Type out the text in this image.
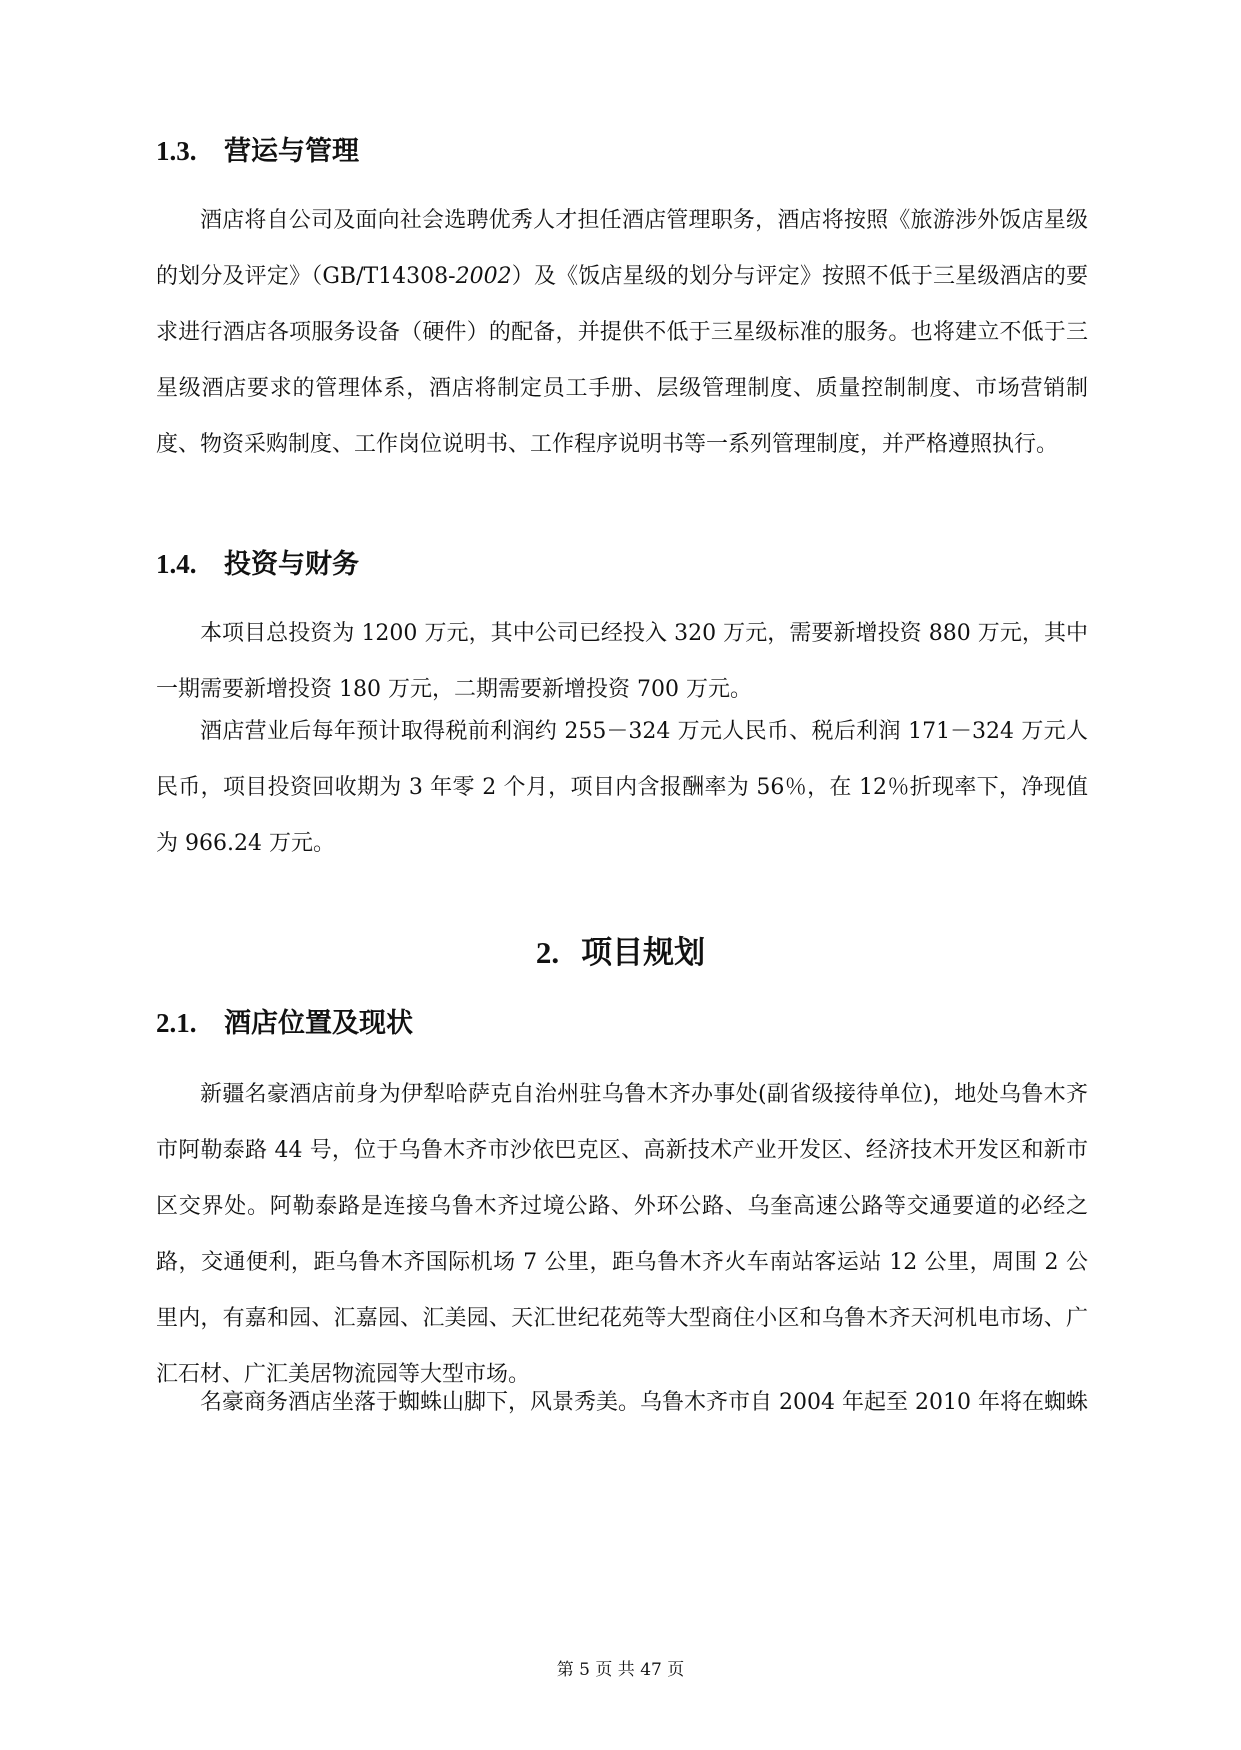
1.3. 营运与管理

酒店将自公司及面向社会选聘优秀人才担任酒店管理职务，酒店将按照《旅游涉外饭店星级的划分及评定》（GB/T14308-2002）及《饭店星级的划分与评定》按照不低于三星级酒店的要求进行酒店各项服务设备（硬件）的配备，并提供不低于三星级标准的服务。也将建立不低于三星级酒店要求的管理体系，酒店将制定员工手册、层级管理制度、质量控制制度、市场营销制度、物资采购制度、工作岗位说明书、工作程序说明书等一系列管理制度，并严格遵照执行。

1.4. 投资与财务

本项目总投资为 1200 万元，其中公司已经投入 320 万元，需要新增投资 880 万元，其中一期需要新增投资 180 万元，二期需要新增投资 700 万元。

酒店营业后每年预计取得税前利润约 255－324 万元人民币、税后利润 171－324 万元人民币，项目投资回收期为 3 年零 2 个月，项目内含报酬率为 56％，在 12％折现率下，净现值为 966.24 万元。

2. 项目规划
2.1. 酒店位置及现状

新疆名豪酒店前身为伊犁哈萨克自治州驻乌鲁木齐办事处(副省级接待单位)，地处乌鲁木齐市阿勒泰路 44 号，位于乌鲁木齐市沙依巴克区、高新技术产业开发区、经济技术开发区和新市区交界处。阿勒泰路是连接乌鲁木齐过境公路、外环公路、乌奎高速公路等交通要道的必经之路，交通便利，距乌鲁木齐国际机场 7 公里，距乌鲁木齐火车南站客运站 12 公里，周围 2 公里内，有嘉和园、汇嘉园、汇美园、天汇世纪花苑等大型商住小区和乌鲁木齐天河机电市场、广汇石材、广汇美居物流园等大型市场。

名豪商务酒店坐落于蜘蛛山脚下，风景秀美。乌鲁木齐市自 2004 年起至 2010 年将在蜘蛛

第 5 页 共 47 页
